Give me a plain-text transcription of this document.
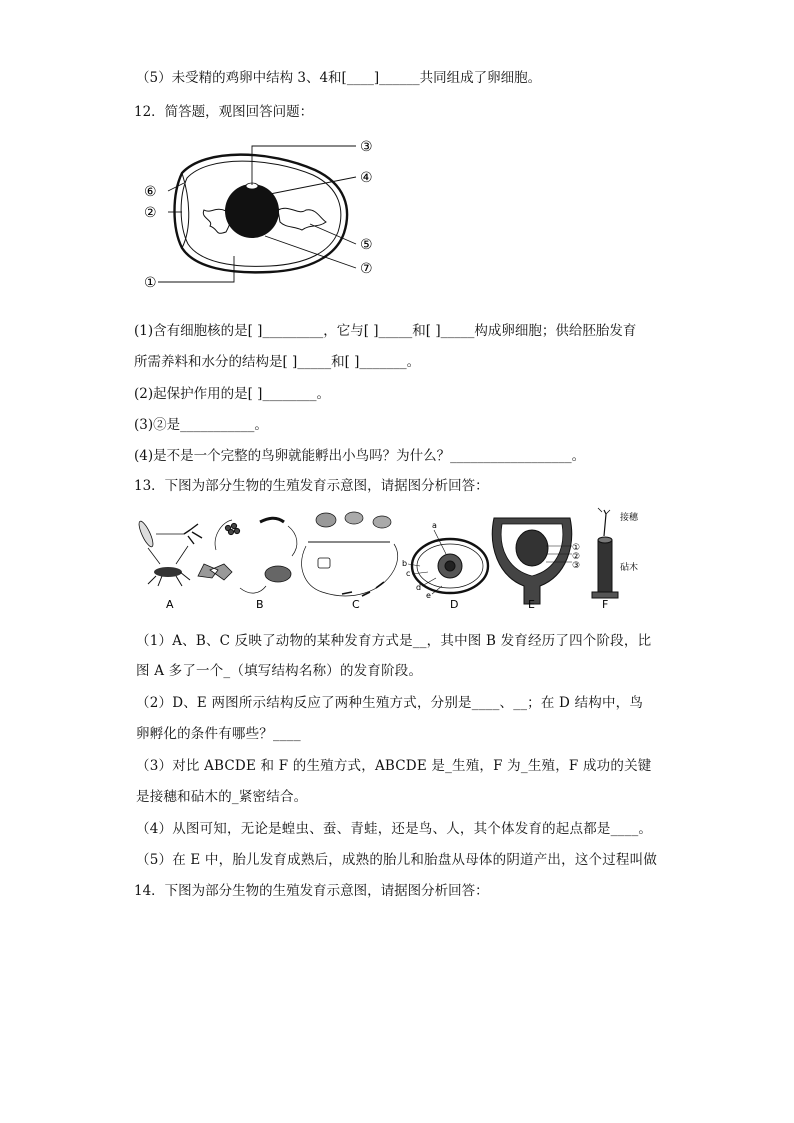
（5）未受精的鸡卵中结构 3、4和[____]______共同组成了卵细胞。
12．简答题，观图回答问题：
③
④
⑥
②
⑤
⑦
①
(1)含有细胞核的是[ ]_________，它与[ ]_____和[ ]_____构成卵细胞；供给胚胎发育
所需养料和水分的结构是[ ]_____和[ ]_______。
(2)起保护作用的是[ ]________。
(3)②是___________。
(4)是不是一个完整的鸟卵就能孵出小鸟吗？为什么？__________________。
13．下图为部分生物的生殖发育示意图，请据图分析回答：
a
b
c
d
e
①
②
③
接穗
砧木
A	B	C	D	E	F
（1）A、B、C 反映了动物的某种发育方式是__，其中图 B 发育经历了四个阶段，比
图 A 多了一个_（填写结构名称）的发育阶段。
（2）D、E 两图所示结构反应了两种生殖方式，分别是____、__；在 D 结构中，鸟
卵孵化的条件有哪些？____
（3）对比 ABCDE 和 F 的生殖方式，ABCDE 是_生殖，F 为_生殖，F 成功的关键
是接穗和砧木的_紧密结合。
（4）从图可知，无论是蝗虫、蚕、青蛙，还是鸟、人，其个体发育的起点都是____。
（5）在 E 中，胎儿发育成熟后，成熟的胎儿和胎盘从母体的阴道产出，这个过程叫做
14．下图为部分生物的生殖发育示意图，请据图分析回答：
